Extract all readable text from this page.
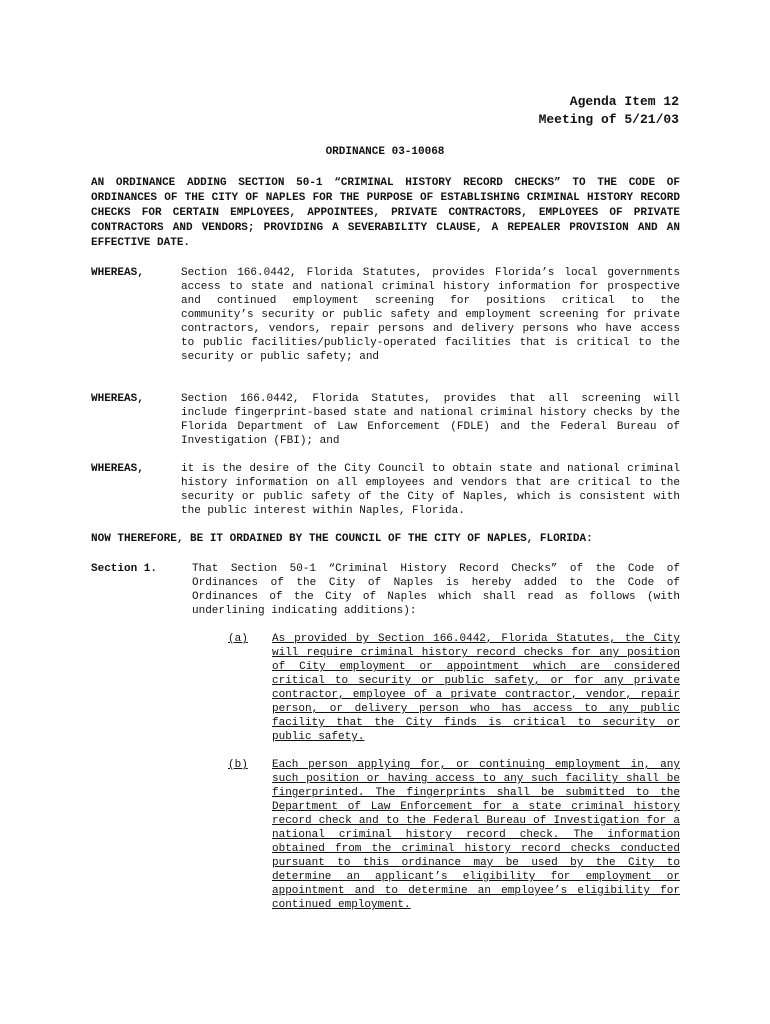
Agenda Item 12
Meeting of 5/21/03
ORDINANCE 03-10068
AN ORDINANCE ADDING SECTION 50-1 “CRIMINAL HISTORY RECORD CHECKS” TO THE CODE OF ORDINANCES OF THE CITY OF NAPLES FOR THE PURPOSE OF ESTABLISHING CRIMINAL HISTORY RECORD CHECKS FOR CERTAIN EMPLOYEES, APPOINTEES, PRIVATE CONTRACTORS, EMPLOYEES OF PRIVATE CONTRACTORS AND VENDORS; PROVIDING A SEVERABILITY CLAUSE, A REPEALER PROVISION AND AN EFFECTIVE DATE.
WHEREAS,	Section 166.0442, Florida Statutes, provides Florida’s local governments access to state and national criminal history information for prospective and continued employment screening for positions critical to the community’s security or public safety and employment screening for private contractors, vendors, repair persons and delivery persons who have access to public facilities/publicly-operated facilities that is critical to the security or public safety; and
WHEREAS,	Section 166.0442, Florida Statutes, provides that all screening will include fingerprint-based state and national criminal history checks by the Florida Department of Law Enforcement (FDLE) and the Federal Bureau of Investigation (FBI); and
WHEREAS,	it is the desire of the City Council to obtain state and national criminal history information on all employees and vendors that are critical to the security or public safety of the City of Naples, which is consistent with the public interest within Naples, Florida.
NOW THEREFORE, BE IT ORDAINED BY THE COUNCIL OF THE CITY OF NAPLES, FLORIDA:
Section 1.	That Section 50-1 “Criminal History Record Checks” of the Code of Ordinances of the City of Naples is hereby added to the Code of Ordinances of the City of Naples which shall read as follows (with underlining indicating additions):
(a) As provided by Section 166.0442, Florida Statutes, the City will require criminal history record checks for any position of City employment or appointment which are considered critical to security or public safety, or for any private contractor, employee of a private contractor, vendor, repair person, or delivery person who has access to any public facility that the City finds is critical to security or public safety.
(b) Each person applying for, or continuing employment in, any such position or having access to any such facility shall be fingerprinted. The fingerprints shall be submitted to the Department of Law Enforcement for a state criminal history record check and to the Federal Bureau of Investigation for a national criminal history record check. The information obtained from the criminal history record checks conducted pursuant to this ordinance may be used by the City to determine an applicant’s eligibility for employment or appointment and to determine an employee’s eligibility for continued employment.
